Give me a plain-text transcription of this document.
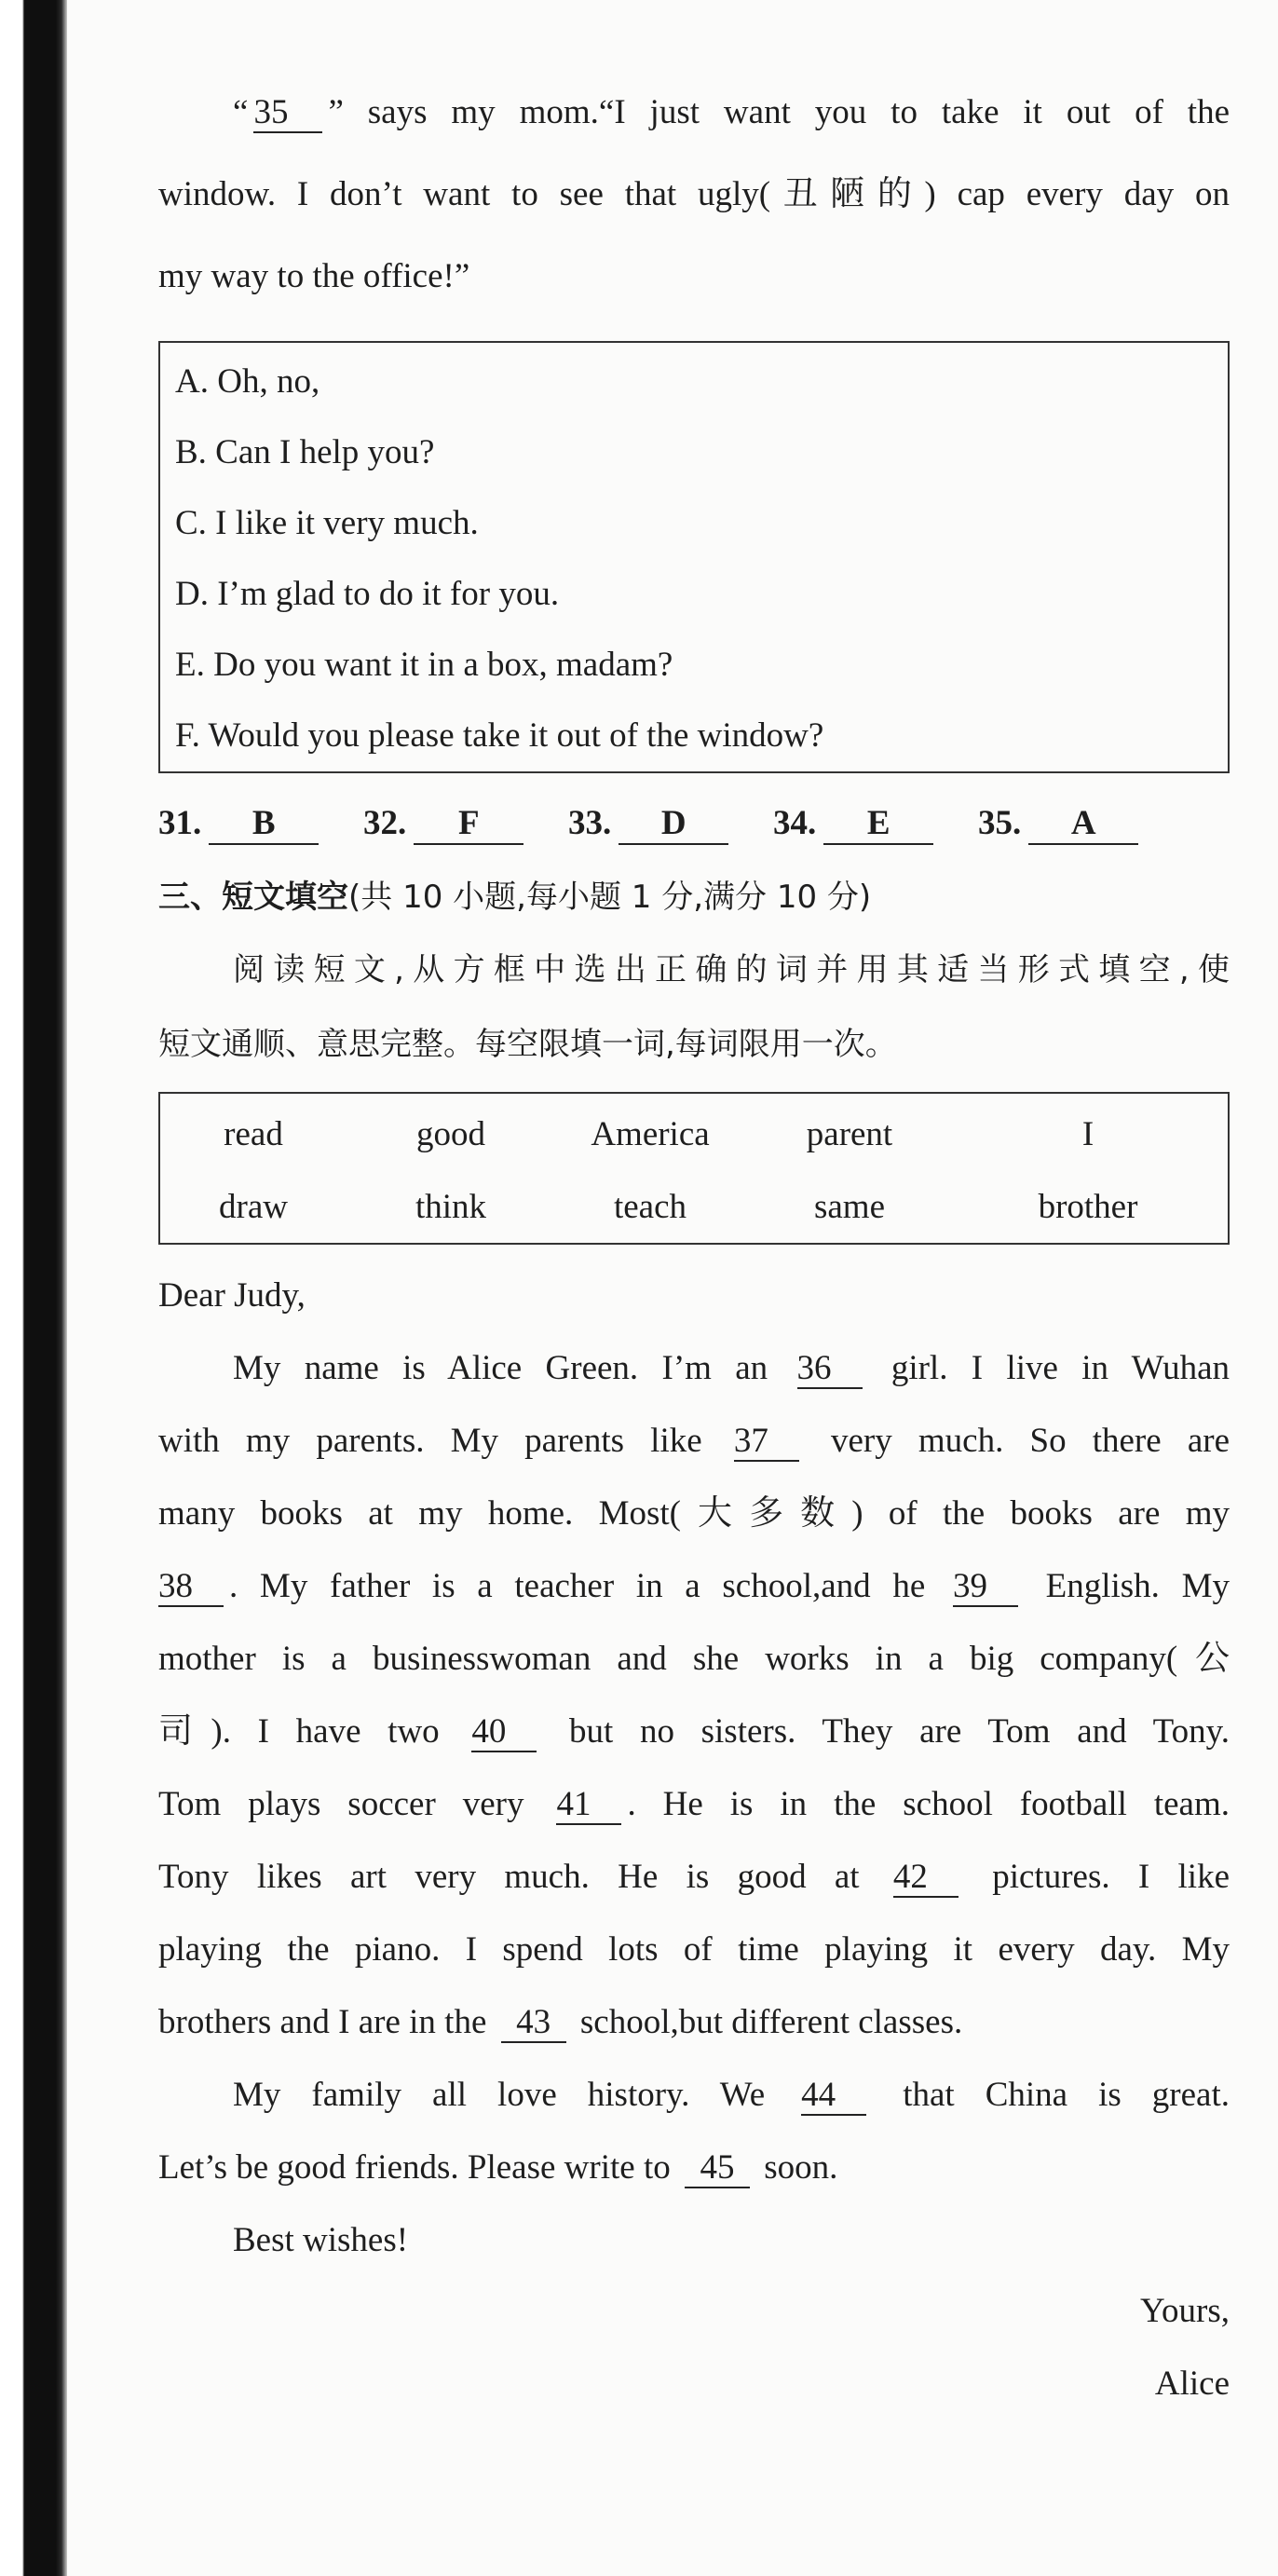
“ 35 ” says my mom.“I just want you to take it out of the
window. I don’t want to see that ugly(丑陋的) cap every day on
my way to the office!”
A. Oh, no,
B. Can I help you?
C. I like it very much.
D. I’m glad to do it for you.
E. Do you want it in a box, madam?
F. Would you please take it out of the window?
31. B	32. F	33. D	34. E	35. A
三、短文填空(共 10 小题,每小题 1 分,满分 10 分)
阅读短文,从方框中选出正确的词并用其适当形式填空,使
短文通顺、意思完整。每空限填一词,每词限用一次。
read	good	America	parent	I
draw	think	teach	same	brother
Dear Judy,
My name is Alice Green. I’m an 36 girl. I live in Wuhan
with my parents. My parents like 37 very much. So there are
many books at my home. Most(大多数) of the books are my
38 . My father is a teacher in a school,and he 39 English. My
mother is a businesswoman and she works in a big company(公
司). I have two 40 but no sisters. They are Tom and Tony.
Tom plays soccer very 41 . He is in the school football team.
Tony likes art very much. He is good at 42 pictures. I like
playing the piano. I spend lots of time playing it every day. My
brothers and I are in the 43 school,but different classes.
My family all love history. We 44 that China is great.
Let’s be good friends. Please write to 45 soon.
Best wishes!
Yours,
Alice
